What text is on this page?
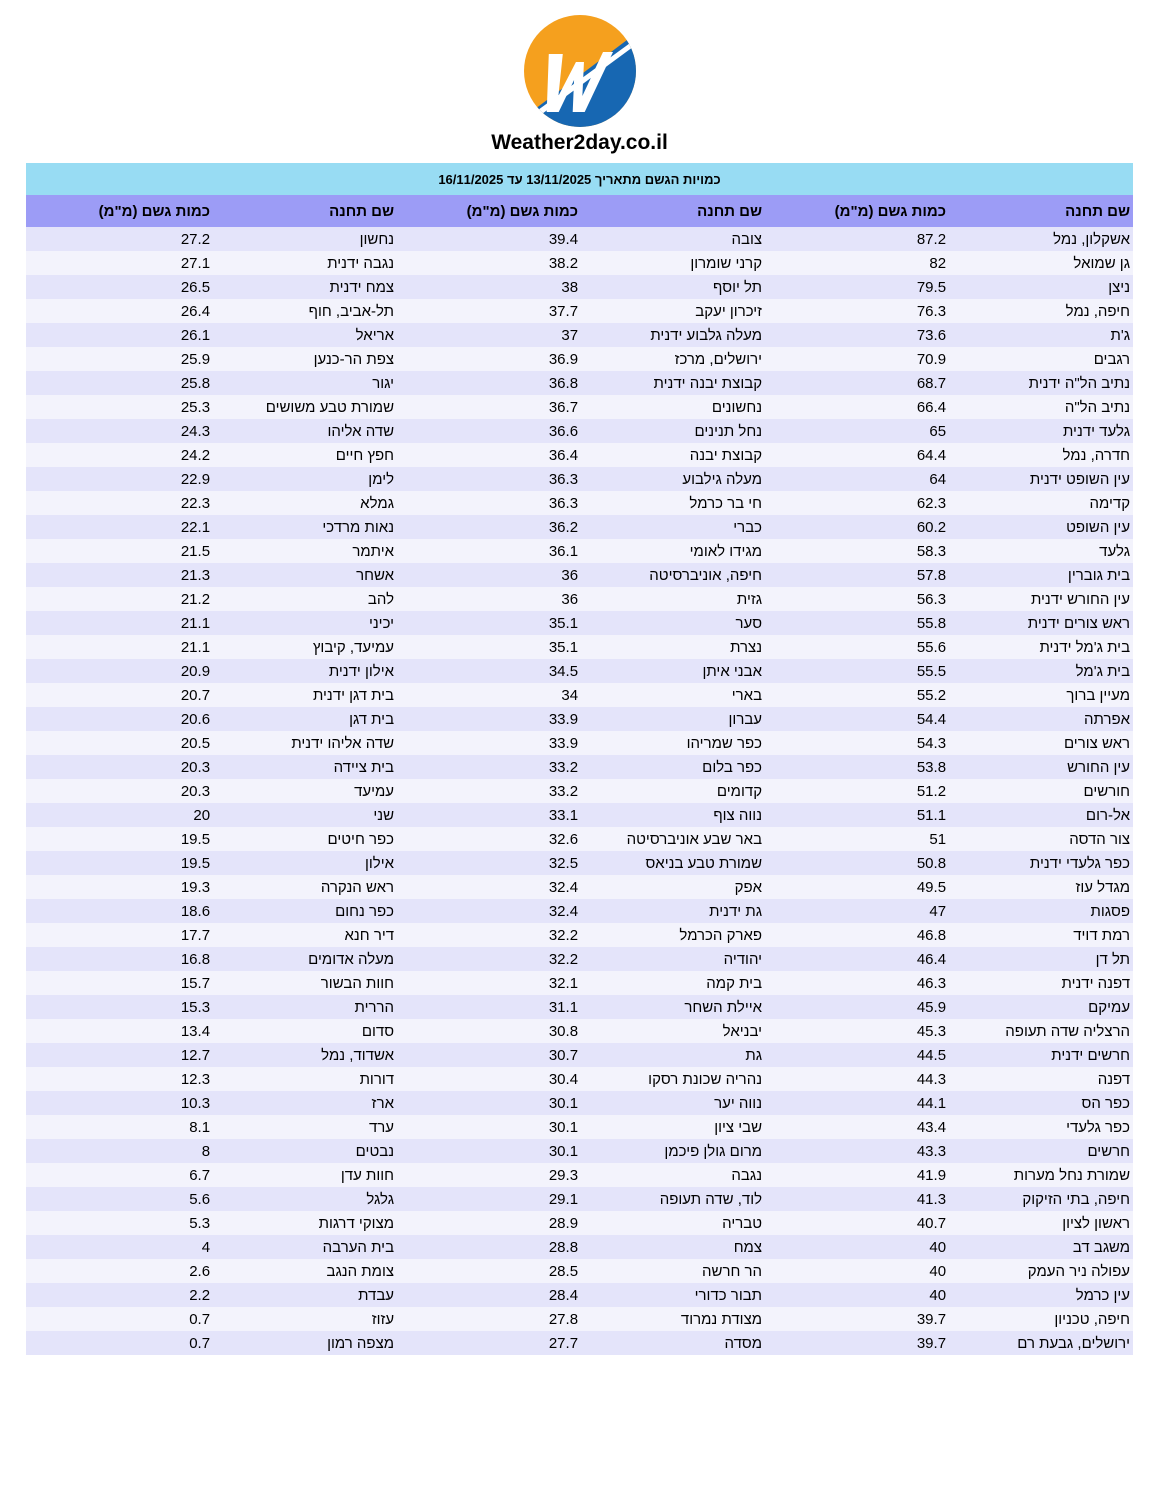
Weather2day.co.il
כמויות הגשם מתאריך 13/11/2025 עד 16/11/2025					
שם תחנה	כמות גשם (מ"מ)	שם תחנה	כמות גשם (מ"מ)	שם תחנה	כמות גשם (מ"מ)
אשקלון, נמל	87.2	צובה	39.4	נחשון	27.2
גן שמואל	82	קרני שומרון	38.2	נגבה ידנית	27.1
ניצן	79.5	תל יוסף	38	צמח ידנית	26.5
חיפה, נמל	76.3	זיכרון יעקב	37.7	תל-אביב, חוף	26.4
ג'ת	73.6	מעלה גלבוע ידנית	37	אריאל	26.1
רגבים	70.9	ירושלים, מרכז	36.9	צפת הר-כנען	25.9
נתיב הל"ה ידנית	68.7	קבוצת יבנה ידנית	36.8	יגור	25.8
נתיב הל"ה	66.4	נחשונים	36.7	שמורת טבע משושים	25.3
גלעד ידנית	65	נחל תנינים	36.6	שדה אליהו	24.3
חדרה, נמל	64.4	קבוצת יבנה	36.4	חפץ חיים	24.2
עין השופט ידנית	64	מעלה גילבוע	36.3	לימן	22.9
קדימה	62.3	חי בר כרמל	36.3	גמלא	22.3
עין השופט	60.2	כברי	36.2	נאות מרדכי	22.1
גלעד	58.3	מגידו לאומי	36.1	איתמר	21.5
בית גוברין	57.8	חיפה, אוניברסיטה	36	אשחר	21.3
עין החורש ידנית	56.3	גזית	36	להב	21.2
ראש צורים ידנית	55.8	סער	35.1	יכיני	21.1
בית ג'מל ידנית	55.6	נצרת	35.1	עמיעד, קיבוץ	21.1
בית ג'מל	55.5	אבני איתן	34.5	אילון ידנית	20.9
מעיין ברוך	55.2	בארי	34	בית דגן ידנית	20.7
אפרתה	54.4	עברון	33.9	בית דגן	20.6
ראש צורים	54.3	כפר שמריהו	33.9	שדה אליהו ידנית	20.5
עין החורש	53.8	כפר בלום	33.2	בית ציידה	20.3
חורשים	51.2	קדומים	33.2	עמיעד	20.3
אל-רום	51.1	נווה צוף	33.1	שני	20
צור הדסה	51	באר שבע אוניברסיטה	32.6	כפר חיטים	19.5
כפר גלעדי ידנית	50.8	שמורת טבע בניאס	32.5	אילון	19.5
מגדל עוז	49.5	אפק	32.4	ראש הנקרה	19.3
פסגות	47	גת ידנית	32.4	כפר נחום	18.6
רמת דויד	46.8	פארק הכרמל	32.2	דיר חנא	17.7
תל דן	46.4	יהודיה	32.2	מעלה אדומים	16.8
דפנה ידנית	46.3	בית קמה	32.1	חוות הבשור	15.7
עמיקם	45.9	איילת השחר	31.1	הררית	15.3
הרצליה שדה תעופה	45.3	יבניאל	30.8	סדום	13.4
חרשים ידנית	44.5	גת	30.7	אשדוד, נמל	12.7
דפנה	44.3	נהריה שכונת רסקו	30.4	דורות	12.3
כפר הס	44.1	נווה יער	30.1	ארז	10.3
כפר גלעדי	43.4	שבי ציון	30.1	ערד	8.1
חרשים	43.3	מרום גולן פיכמן	30.1	נבטים	8
שמורת נחל מערות	41.9	נגבה	29.3	חוות עדן	6.7
חיפה, בתי הזיקוק	41.3	לוד, שדה תעופה	29.1	גלגל	5.6
ראשון לציון	40.7	טבריה	28.9	מצוקי דרגות	5.3
משגב דב	40	צמח	28.8	בית הערבה	4
עפולה ניר העמק	40	הר חרשה	28.5	צומת הנגב	2.6
עין כרמל	40	תבור כדורי	28.4	עבדת	2.2
חיפה, טכניון	39.7	מצודת נמרוד	27.8	עזוז	0.7
ירושלים, גבעת רם	39.7	מסדה	27.7	מצפה רמון	0.7
